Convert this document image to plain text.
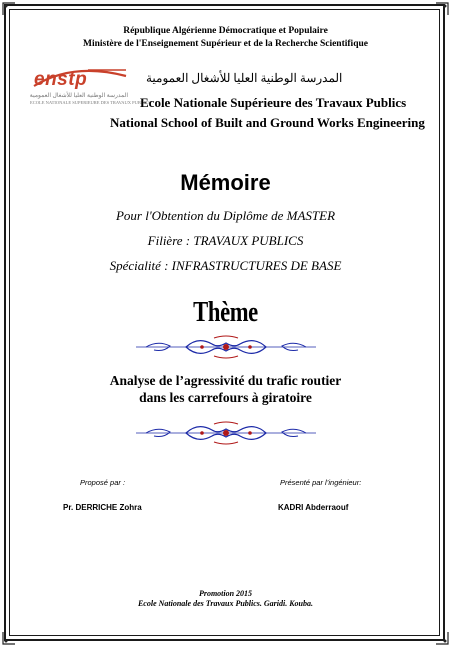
République Algérienne Démocratique et Populaire
Ministère de l'Enseignement Supérieur et de la Recherche Scientifique
enstp
المدرسة الوطنية العليا للأشغال العمومية
ECOLE NATIONALE SUPERIEURE DES TRAVAUX PUBLICS
المدرسة الوطنية العليا للأشغال العمومية
Ecole Nationale Supérieure des Travaux Publics
National School of Built and Ground Works Engineering
Mémoire
Pour l'Obtention du Diplôme de MASTER
Filière : TRAVAUX PUBLICS
Spécialité : INFRASTRUCTURES DE BASE
Thème
Analyse de l’agressivité du trafic routier
dans les carrefours à giratoire
Proposé par :	Présenté par l’ingénieur:
Pr. DERRICHE Zohra	KADRI Abderraouf
Promotion 2015
Ecole Nationale des Travaux Publics. Garidi. Kouba.
